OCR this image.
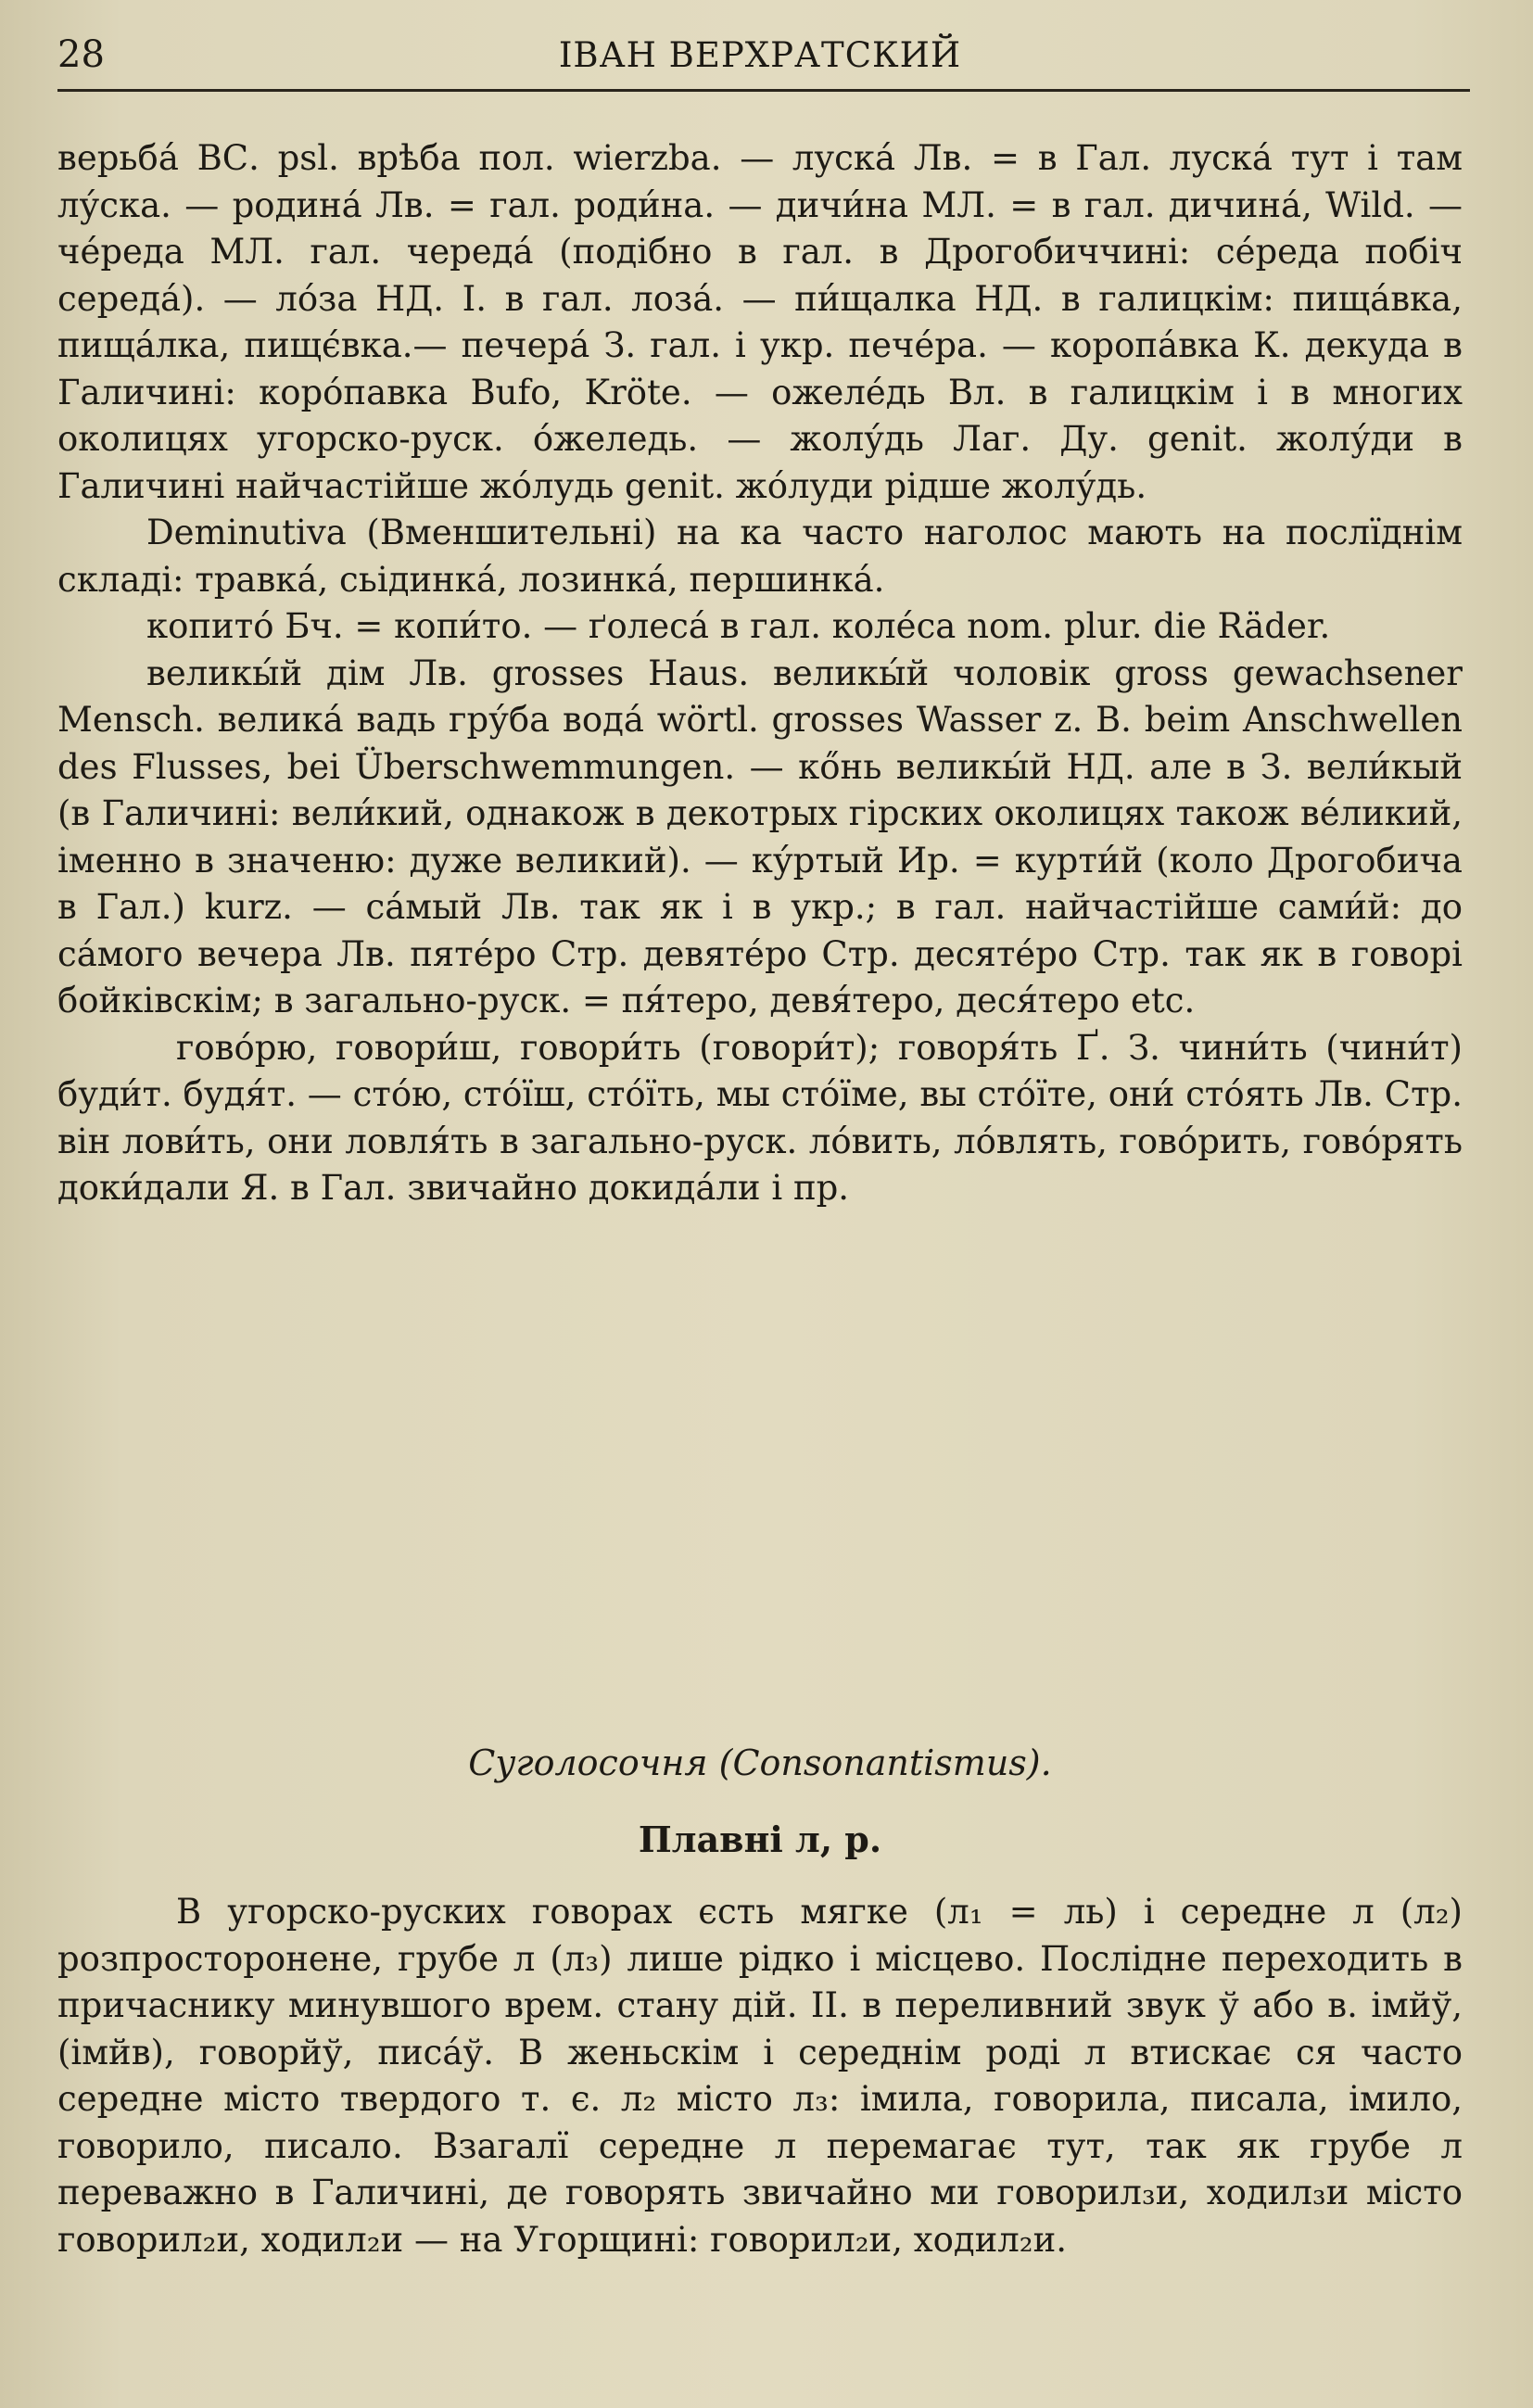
28	ІВАН ВЕРХРАТСКИЙ

верьба́ ВС. psl. врѣба пол. wierzba. — луска́ Лв. = в Гал. луска́ тут і там лу́ска. — родина́ Лв. = гал. роди́на. — дичи́на МЛ. = в гал. дичина́, Wild. — че́реда МЛ. гал. череда́ (подібно в гал. в Дрогобиччині: се́реда побіч середа́). — ло́за НД. І. в гал. лоза́. — пи́щалка НД. в галицкім: пища́вка, пища́лка, пищє́вка.— печера́ З. гал. і укр. пече́ра. — коропа́вка К. декуда в Галичині: коро́павка Bufo, Kröte. — ожеле́дь Вл. в галицкім і в многих околицях угорско-руск. о́желедь. — жолу́дь Лаг. Ду. genit. жолу́ди в Галичині найчастійше жо́лудь genit. жо́луди рідше жолу́дь.

Deminutiva (Вменшительні) на ка часто наголос мають на послїднім складі: травка́, сьідинка́, лозинка́, першинка́.

копито́ Бч. = копи́то. — ґолеса́ в гал. коле́са nom. plur. die Räder.

великы́й дім Лв. grosses Haus. великы́й чоловік gross gewachsener Mensch. велика́ вадь гру́ба вода́ wörtl. grosses Wasser z. B. beim Anschwellen des Flusses, bei Überschwemmungen. — кőнь великы́й НД. але в З. вели́кый (в Галичині: вели́кий, однакож в декотрых гірских околицях також ве́ликий, іменно в значеню: дуже великий). — ку́ртый Ир. = курти́й (коло Дрогобича в Гал.) kurz. — са́мый Лв. так як і в укр.; в гал. найчастійше сами́й: до са́мого вечера Лв. пяте́ро Стр. девяте́ро Стр. десяте́ро Стр. так як в говорі бойківскім; в загально-руск. = пя́теро, девя́теро, деся́теро etc.

гово́рю, говори́ш, говори́ть (говори́т); говоря́ть Ґ. З. чини́ть (чини́т) буди́т. будя́т. — сто́ю, сто́їш, сто́їть, мы сто́їме, вы сто́їте, они́ сто́ять Лв. Стр. він лови́ть, они ловля́ть в загально-руск. ло́вить, ло́влять, гово́рить, гово́рять доки́дали Я. в Гал. звичайно докида́ли і пр.

Суголосочня (Consonantismus).
Плавні л, р.

В угорско-руских говорах єсть мягке (л₁ = ль) і середне л (л₂) розпросторонене, грубе л (л₃) лише рідко і місцево. Послідне переходить в причаснику минувшого врем. стану дій. II. в переливний звук ў або в. імйў, (імйв), говорйў, писа́ў. В женьскім і середнім роді л втискає ся часто середне місто твердого т. є. л₂ місто л₃: імила, говорила, писала, імило, говорило, писало. Взагалї середне л перемагає тут, так як грубе л переважно в Галичині, де говорять звичайно ми говорил₃и, ходил₃и місто говорил₂и, ходил₂и — на Угорщині: говорил₂и, ходил₂и.
